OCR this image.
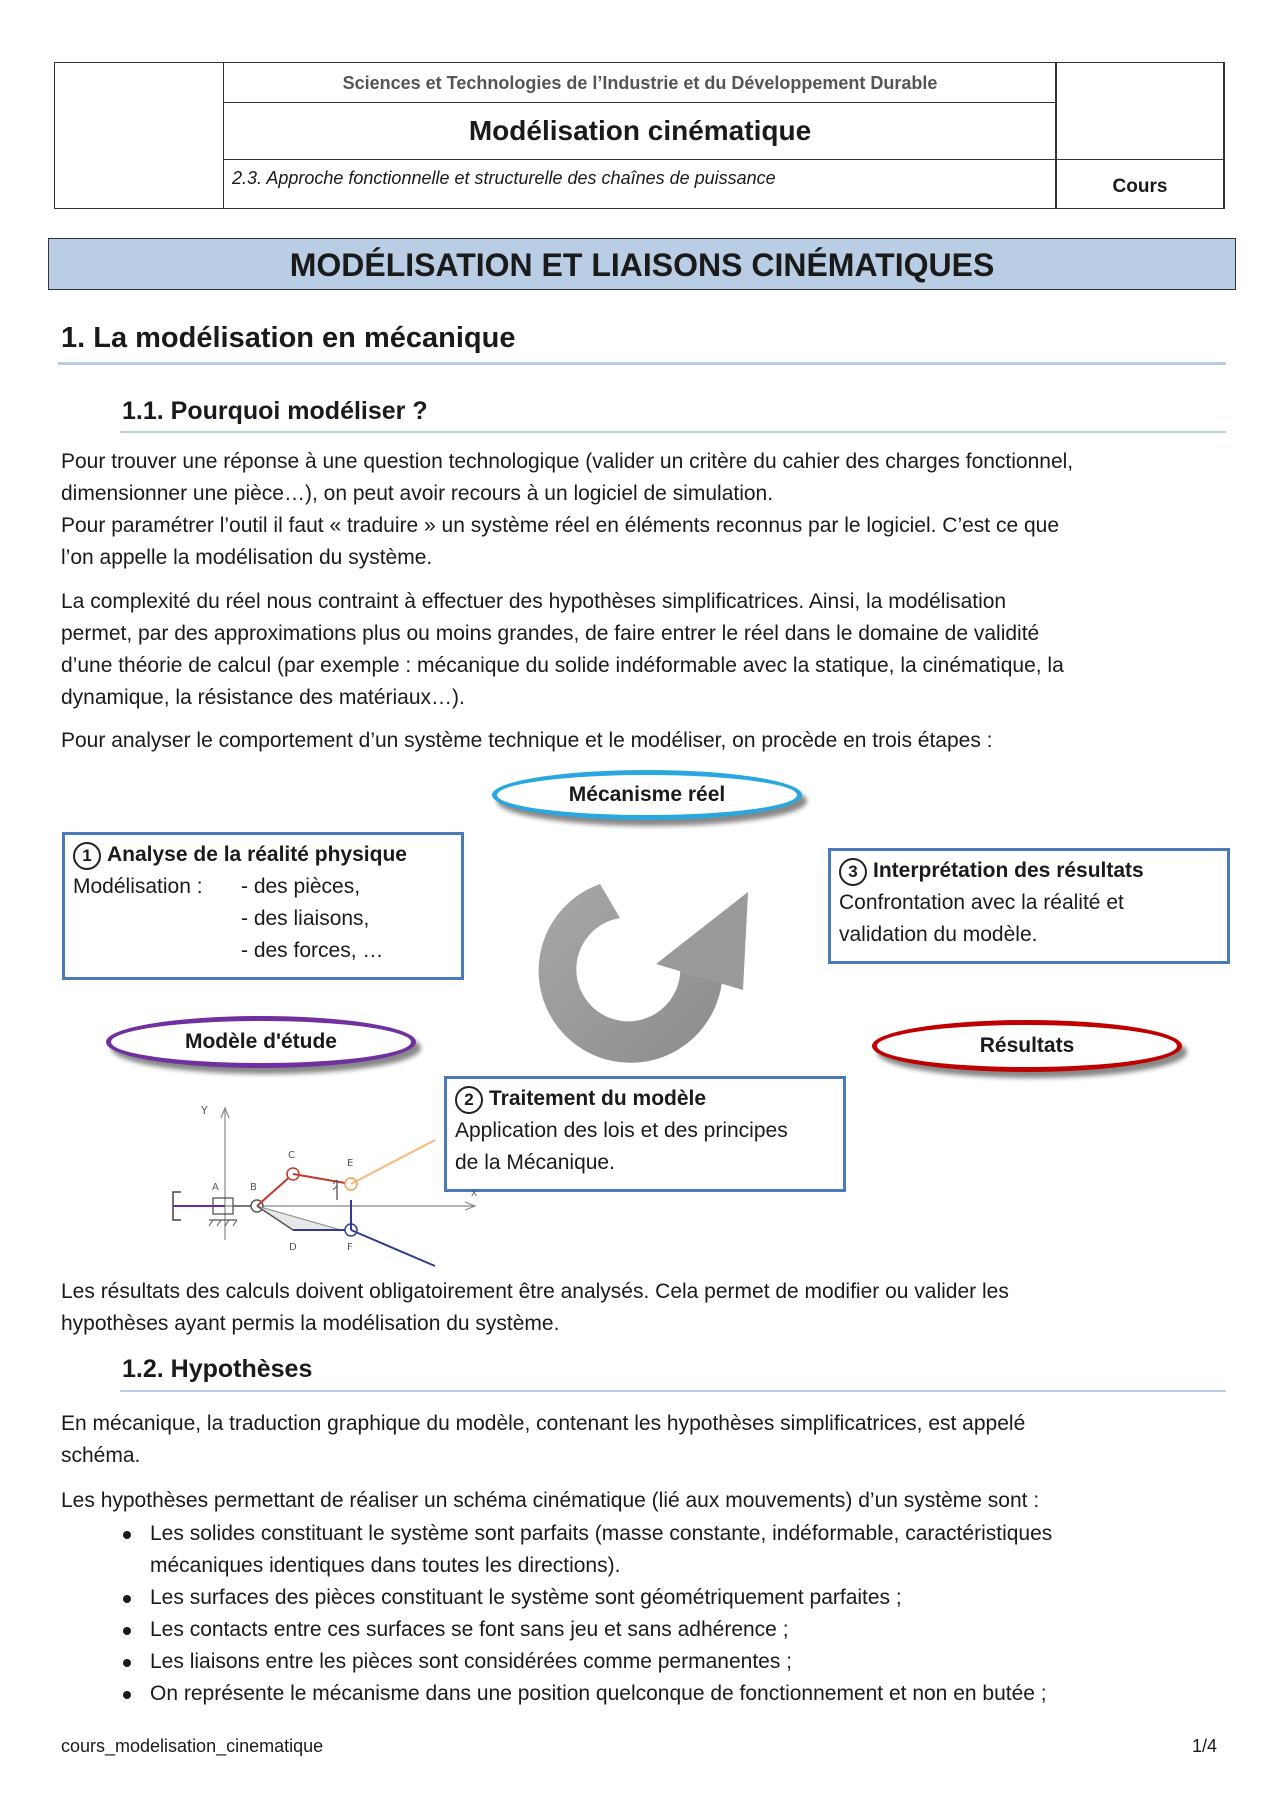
Sciences et Technologies de l’Industrie et du Développement Durable
Modélisation cinématique
2.3. Approche fonctionnelle et structurelle des chaînes de puissance	Cours
MODÉLISATION ET LIAISONS CINÉMATIQUES
1. La modélisation en mécanique
1.1. Pourquoi modéliser ?
Pour trouver une réponse à une question technologique (valider un critère du cahier des charges fonctionnel,
dimensionner une pièce…), on peut avoir recours à un logiciel de simulation.
Pour paramétrer l’outil il faut « traduire » un système réel en éléments reconnus par le logiciel. C’est ce que
l’on appelle la modélisation du système.
La complexité du réel nous contraint à effectuer des hypothèses simplificatrices. Ainsi, la modélisation
permet, par des approximations plus ou moins grandes, de faire entrer le réel dans le domaine de validité
d’une théorie de calcul (par exemple : mécanique du solide indéformable avec la statique, la cinématique, la
dynamique, la résistance des matériaux…).
Pour analyser le comportement d’un système technique et le modéliser, on procède en trois étapes :
Mécanisme réel
1 Analyse de la réalité physique
Modélisation : - des pièces,
- des liaisons,
- des forces, …
3 Interprétation des résultats
Confrontation avec la réalité et
validation du modèle.
Modèle d'étude	Résultats
2 Traitement du modèle
Application des lois et des principes
de la Mécanique.
Y
X
A	B
C
E
D	F
Les résultats des calculs doivent obligatoirement être analysés. Cela permet de modifier ou valider les
hypothèses ayant permis la modélisation du système.
1.2. Hypothèses
En mécanique, la traduction graphique du modèle, contenant les hypothèses simplificatrices, est appelé
schéma.
Les hypothèses permettant de réaliser un schéma cinématique (lié aux mouvements) d’un système sont :
Les solides constituant le système sont parfaits (masse constante, indéformable, caractéristiques
mécaniques identiques dans toutes les directions).
Les surfaces des pièces constituant le système sont géométriquement parfaites ;
Les contacts entre ces surfaces se font sans jeu et sans adhérence ;
Les liaisons entre les pièces sont considérées comme permanentes ;
On représente le mécanisme dans une position quelconque de fonctionnement et non en butée ;
cours_modelisation_cinematique	1/4
